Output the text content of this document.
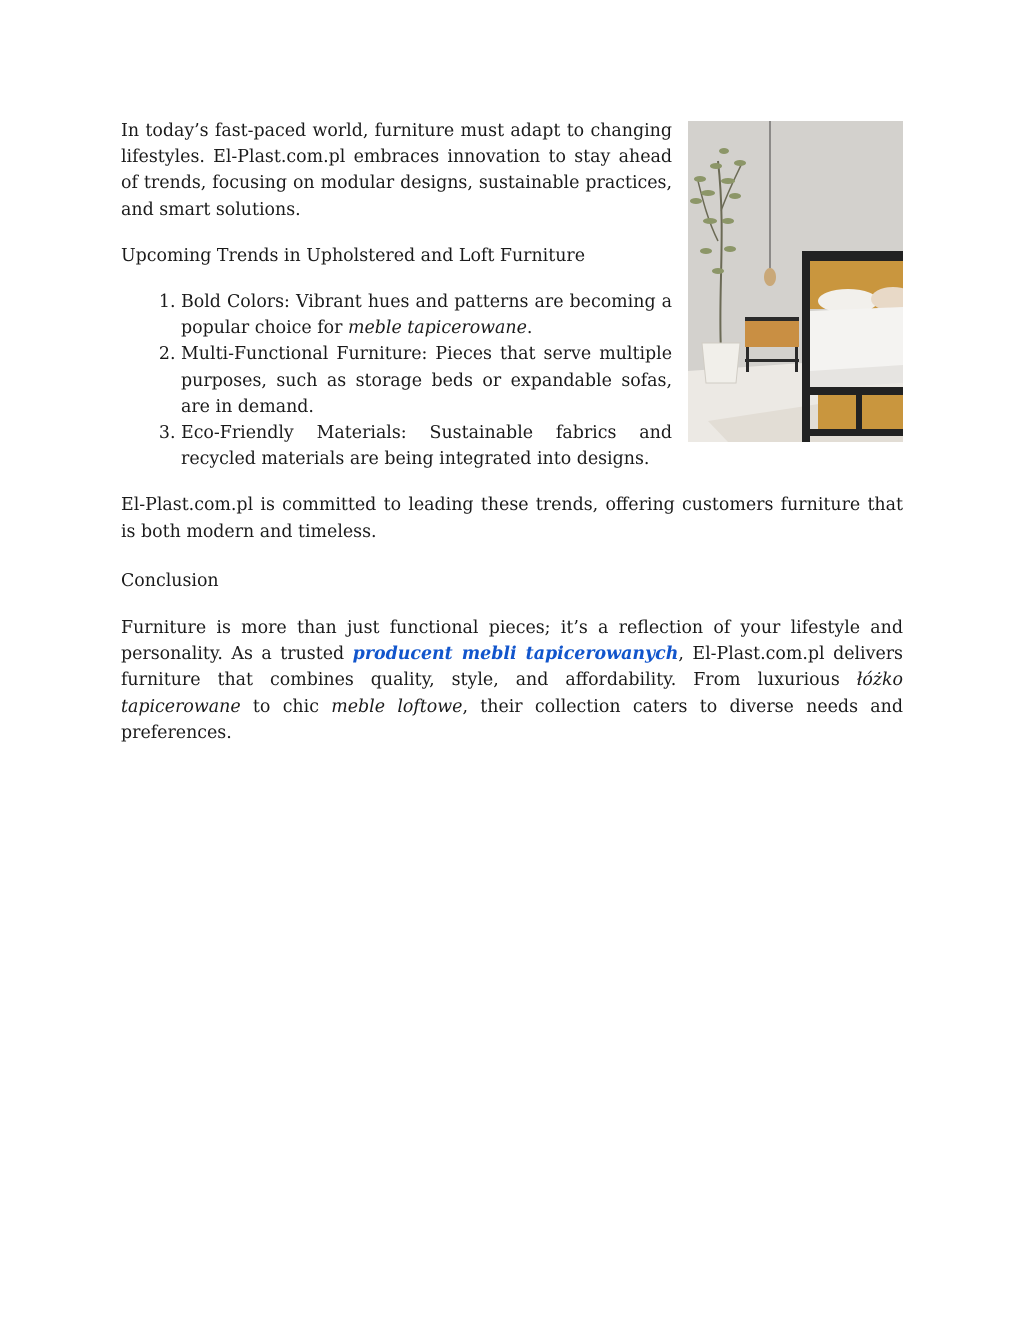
In today’s fast-paced world, furniture must adapt to changing lifestyles. El-Plast.com.pl embraces innovation to stay ahead of trends, focusing on modular designs, sustainable practices, and smart solutions.

Upcoming Trends in Upholstered and Loft Furniture

1. Bold Colors: Vibrant hues and patterns are becoming a popular choice for meble tapicerowane.
2. Multi-Functional Furniture: Pieces that serve multiple purposes, such as storage beds or expandable sofas, are in demand.
3. Eco-Friendly Materials: Sustainable fabrics and recycled materials are being integrated into designs.

El-Plast.com.pl is committed to leading these trends, offering customers furniture that is both modern and timeless.

Conclusion

Furniture is more than just functional pieces; it’s a reflection of your lifestyle and personality. As a trusted producent mebli tapicerowanych, El-Plast.com.pl delivers furniture that combines quality, style, and affordability. From luxurious łóżko tapicerowane to chic meble loftowe, their collection caters to diverse needs and preferences.
